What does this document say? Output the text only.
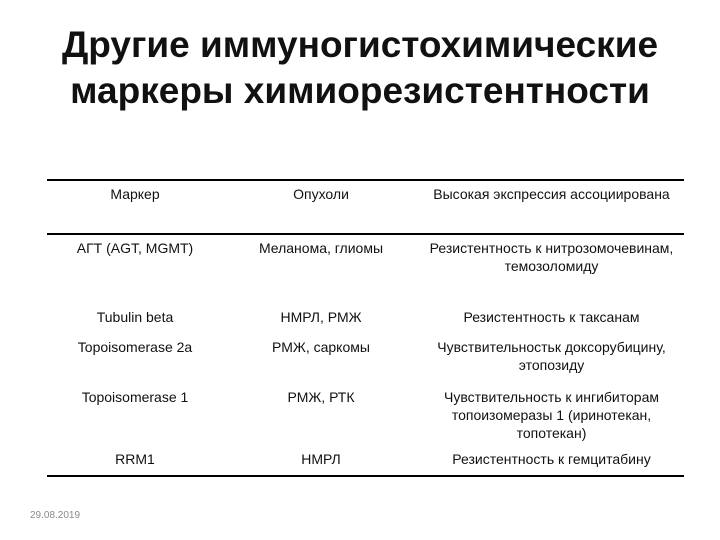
Другие иммуногистохимические
маркеры химиорезистентности
Маркер	Опухоли	Высокая экспрессия ассоциирована
АГТ (AGT, MGMT)	Меланома, глиомы	Резистентность к нитрозомочевинам, темозоломиду
Tubulin beta	НМРЛ, РМЖ	Резистентность к таксанам
Topoisomerase 2a	РМЖ, саркомы	Чувствительностьк доксорубицину, этопозиду
Topoisomerase 1	РМЖ, РТК	Чувствительность к ингибиторам топоизомеразы 1 (иринотекан, топотекан)
RRM1	НМРЛ	Резистентность к гемцитабину
29.08.2019
